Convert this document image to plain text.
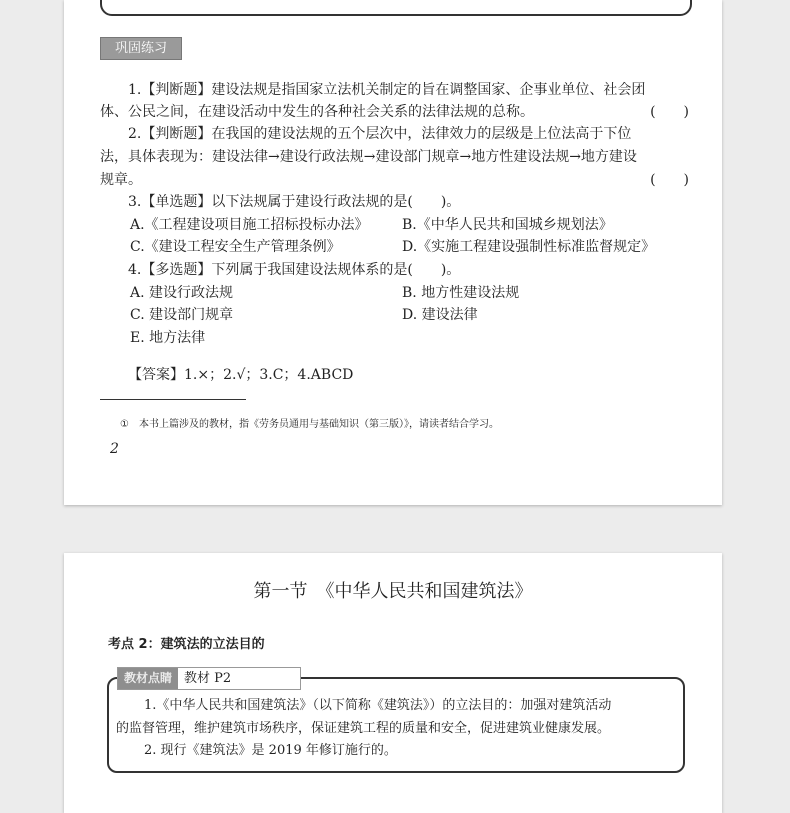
巩固练习
1.【判断题】建设法规是指国家立法机关制定的旨在调整国家、企事业单位、社会团
体、公民之间，在建设活动中发生的各种社会关系的法律法规的总称。	(　　)
2.【判断题】在我国的建设法规的五个层次中，法律效力的层级是上位法高于下位
法，具体表现为：建设法律→建设行政法规→建设部门规章→地方性建设法规→地方建设
规章。	(　　)
3.【单选题】以下法规属于建设行政法规的是(　　)。
A.《工程建设项目施工招标投标办法》 B.《中华人民共和国城乡规划法》
C.《建设工程安全生产管理条例》	D.《实施工程建设强制性标准监督规定》
4.【多选题】下列属于我国建设法规体系的是(　　)。
A. 建设行政法规	B. 地方性建设法规
C. 建设部门规章	D. 建设法律
E. 地方法律
【答案】1.×；2.√；3.C；4.ABCD
①　本书上篇涉及的教材，指《劳务员通用与基础知识（第三版）》，请读者结合学习。
2
第一节　《中华人民共和国建筑法》
考点 2：建筑法的立法目的
教材点睛 教材 P2
1.《中华人民共和国建筑法》（以下简称《建筑法》）的立法目的：加强对建筑活动
的监督管理，维护建筑市场秩序，保证建筑工程的质量和安全，促进建筑业健康发展。
2. 现行《建筑法》是 2019 年修订施行的。
